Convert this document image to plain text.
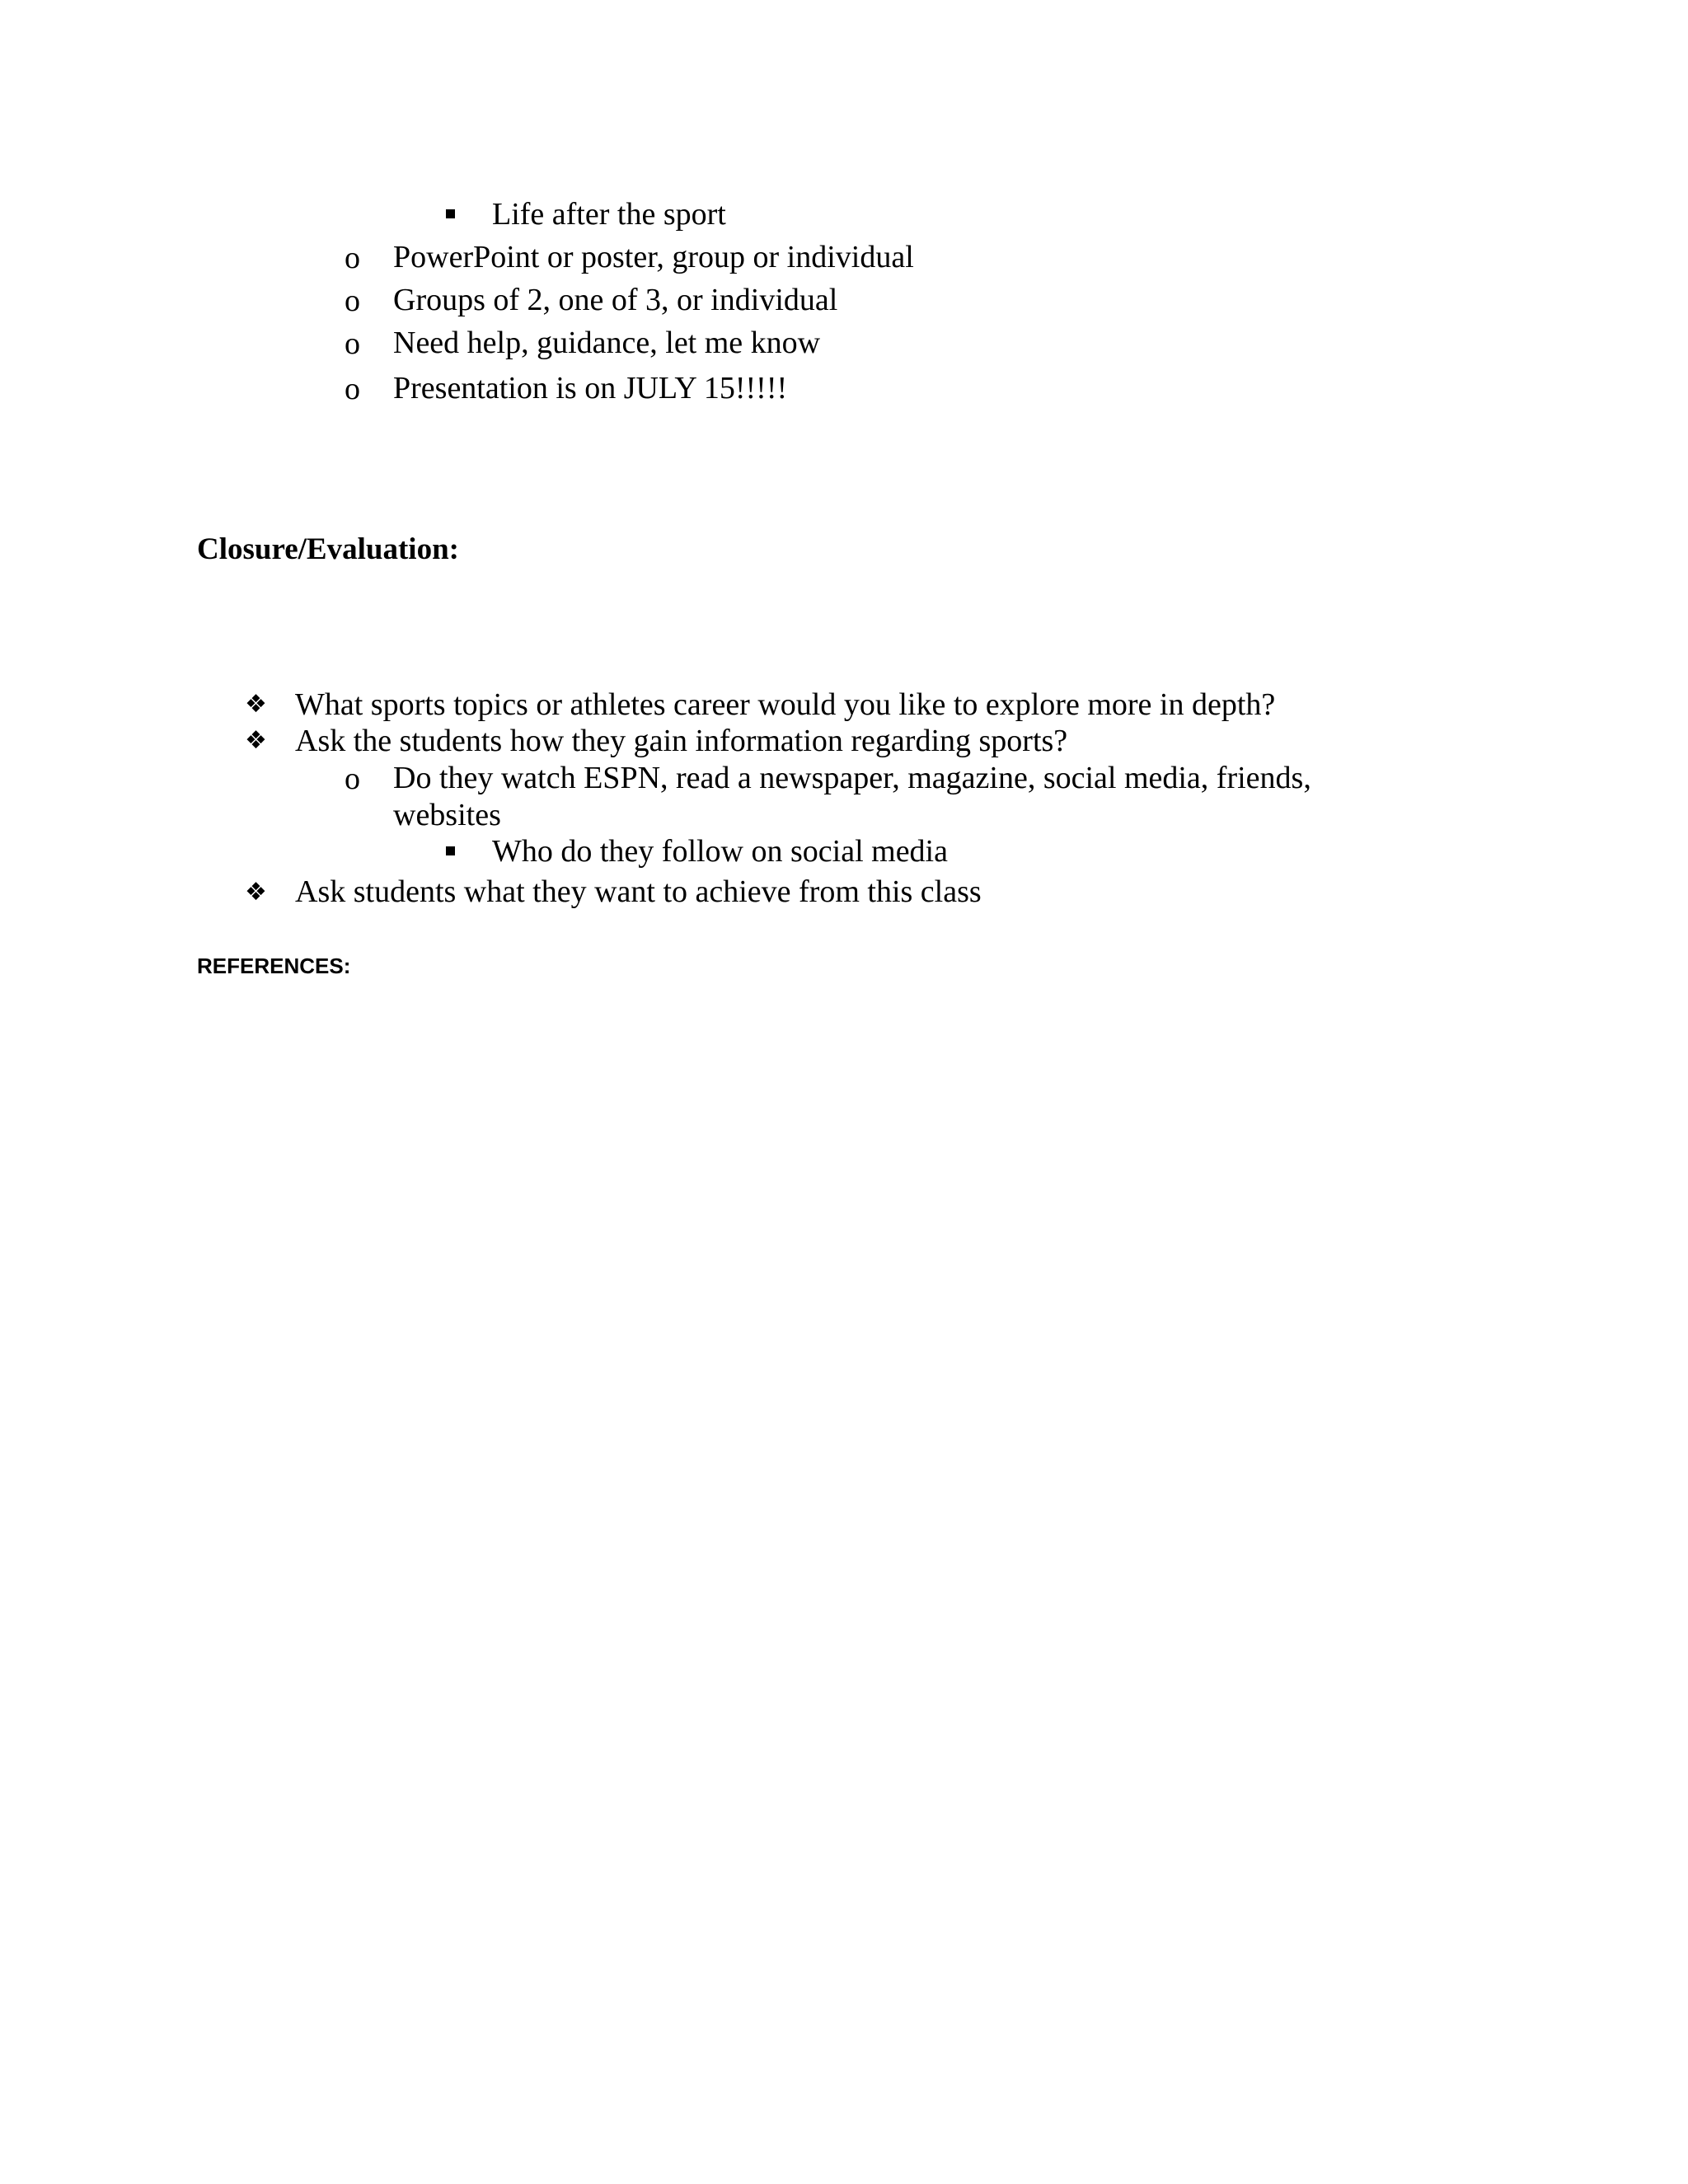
Life after the sport
o PowerPoint or poster, group or individual
o Groups of 2, one of 3, or individual
o Need help, guidance, let me know
o Presentation is on JULY 15!!!!!
Closure/Evaluation:
❖ What sports topics or athletes career would you like to explore more in depth?
❖ Ask the students how they gain information regarding sports?
o Do they watch ESPN, read a newspaper, magazine, social media, friends,
websites
Who do they follow on social media
❖ Ask students what they want to achieve from this class
REFERENCES:
